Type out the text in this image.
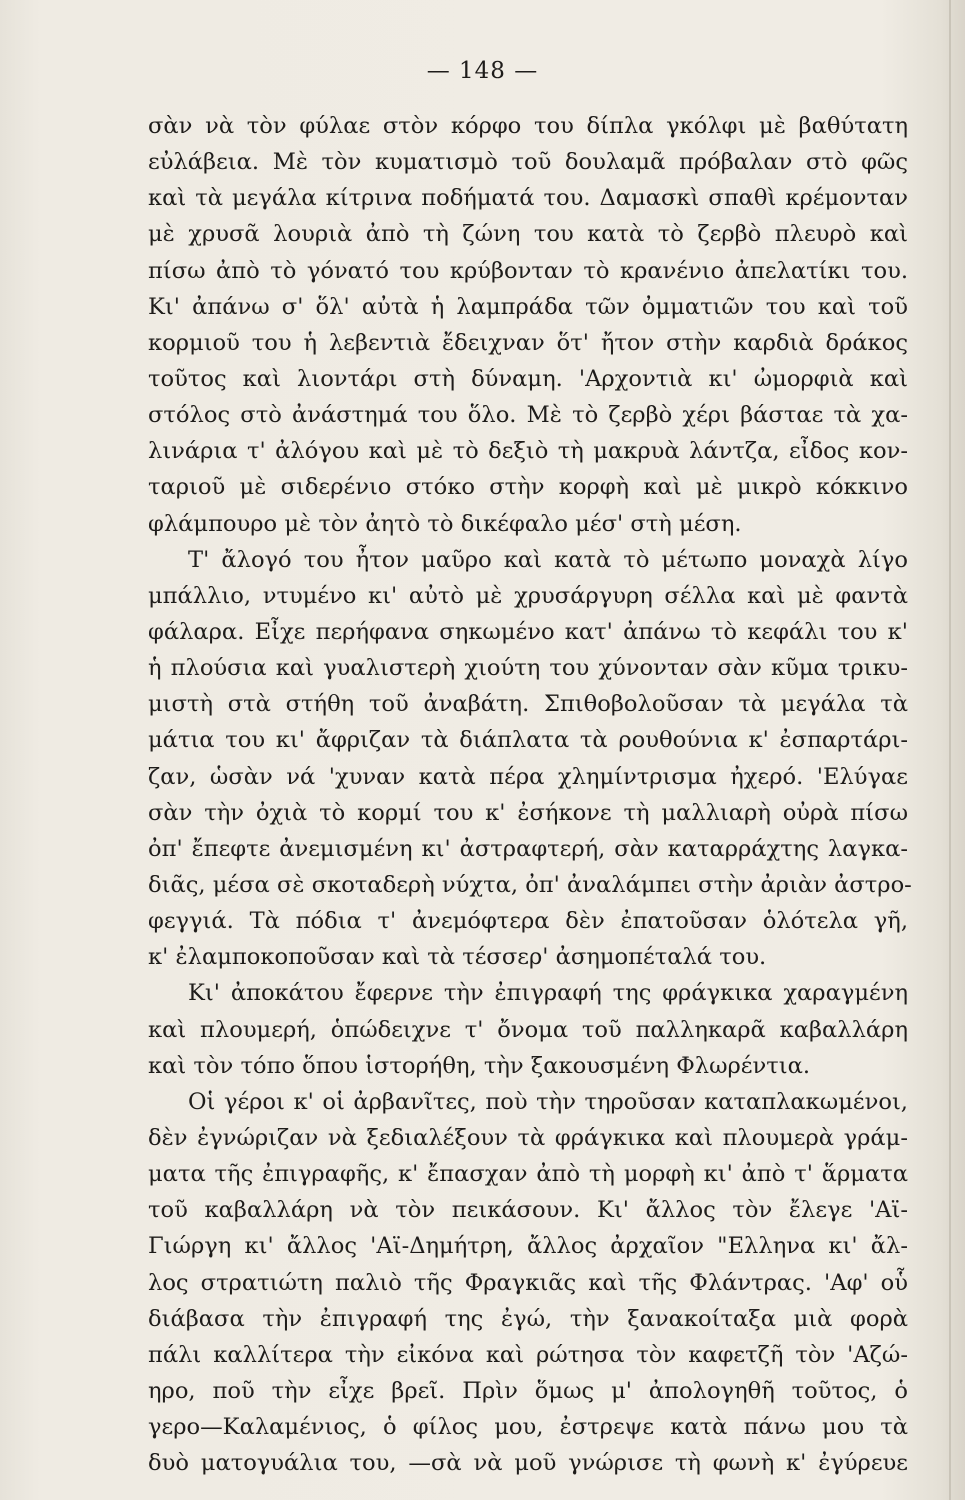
— 148 —
σὰν νὰ τὸν φύλαε στὸν κόρφο του δίπλα γκόλφι μὲ βαθύτατη
εὐλάβεια. Μὲ τὸν κυματισμὸ τοῦ δουλαμᾶ πρόβαλαν στὸ φῶς
καὶ τὰ μεγάλα κίτρινα ποδήματά του. Δαμασκὶ σπαθὶ κρέμονταν
μὲ χρυσᾶ λουριὰ ἀπὸ τὴ ζώνη του κατὰ τὸ ζερβὸ πλευρὸ καὶ
πίσω ἀπὸ τὸ γόνατό του κρύβονταν τὸ κρανένιο ἀπελατίκι του.
Κι' ἀπάνω σ' ὅλ' αὐτὰ ἡ λαμπράδα τῶν ὀμματιῶν του καὶ τοῦ
κορμιοῦ του ἡ λεβεντιὰ ἔδειχναν ὅτ' ἤτον στὴν καρδιὰ δράκος
τοῦτος καὶ λιοντάρι στὴ δύναμη. 'Αρχοντιὰ κι' ὠμορφιὰ καὶ
στόλος στὸ ἀνάστημά του ὅλο. Μὲ τὸ ζερβὸ χέρι βάσταε τὰ χα-
λινάρια τ' ἀλόγου καὶ μὲ τὸ δεξιὸ τὴ μακρυὰ λάντζα, εἶδος κον-
ταριοῦ μὲ σιδερένιο στόκο στὴν κορφὴ καὶ μὲ μικρὸ κόκκινο
φλάμπουρο μὲ τὸν ἀητὸ τὸ δικέφαλο μέσ' στὴ μέση.
Τ' ἄλογό του ἦτον μαῦρο καὶ κατὰ τὸ μέτωπο μοναχὰ λίγο
μπάλλιο, ντυμένο κι' αὐτὸ μὲ χρυσάργυρη σέλλα καὶ μὲ φαντὰ
φάλαρα. Εἶχε περήφανα σηκωμένο κατ' ἀπάνω τὸ κεφάλι του κ'
ἡ πλούσια καὶ γυαλιστερὴ χιούτη του χύνονταν σὰν κῦμα τρικυ-
μιστὴ στὰ στήθη τοῦ ἀναβάτη. Σπιθοβολοῦσαν τὰ μεγάλα τὰ
μάτια του κι' ἄφριζαν τὰ διάπλατα τὰ ρουθούνια κ' ἐσπαρτάρι-
ζαν, ὡσὰν νά 'χυναν κατὰ πέρα χλημίντρισμα ἠχερό. 'Ελύγαε
σὰν τὴν ὀχιὰ τὸ κορμί του κ' ἐσήκονε τὴ μαλλιαρὴ οὐρὰ πίσω
ὀπ' ἔπεφτε ἀνεμισμένη κι' ἀστραφτερή, σὰν καταρράχτης λαγκα-
διᾶς, μέσα σὲ σκοταδερὴ νύχτα, ὀπ' ἀναλάμπει στὴν ἀριὰν ἀστρο-
φεγγιά. Τὰ πόδια τ' ἀνεμόφτερα δὲν ἐπατοῦσαν ὁλότελα γῆ,
κ' ἐλαμποκοποῦσαν καὶ τὰ τέσσερ' ἀσημοπέταλά του.
Κι' ἀποκάτου ἔφερνε τὴν ἐπιγραφή της φράγκικα χαραγμένη
καὶ πλουμερή, ὁπώδειχνε τ' ὄνομα τοῦ παλληκαρᾶ καβαλλάρη
καὶ τὸν τόπο ὅπου ἱστορήθη, τὴν ξακουσμένη Φλωρέντια.
Οἱ γέροι κ' οἱ ἀρβανῖτες, ποὺ τὴν τηροῦσαν καταπλακωμένοι,
δὲν ἐγνώριζαν νὰ ξεδιαλέξουν τὰ φράγκικα καὶ πλουμερὰ γράμ-
ματα τῆς ἐπιγραφῆς, κ' ἔπασχαν ἀπὸ τὴ μορφὴ κι' ἀπὸ τ' ἅρματα
τοῦ καβαλλάρη νὰ τὸν πεικάσουν. Κι' ἄλλος τὸν ἔλεγε 'Αϊ-
Γιώργη κι' ἄλλος 'Αϊ-Δημήτρη, ἄλλος ἀρχαῖον "Ελληνα κι' ἄλ-
λος στρατιώτη παλιὸ τῆς Φραγκιᾶς καὶ τῆς Φλάντρας. 'Αφ' οὗ
διάβασα τὴν ἐπιγραφή της ἐγώ, τὴν ξανακοίταξα μιὰ φορὰ
πάλι καλλίτερα τὴν εἰκόνα καὶ ρώτησα τὸν καφετζῆ τὸν 'Αζώ-
ηρο, ποῦ τὴν εἶχε βρεῖ. Πρὶν ὅμως μ' ἀπολογηθῆ τοῦτος, ὁ
γερο—Καλαμένιος, ὁ φίλος μου, ἐστρεψε κατὰ πάνω μου τὰ
δυὸ ματογυάλια του, —σὰ νὰ μοῦ γνώρισε τὴ φωνὴ κ' ἐγύρευε
